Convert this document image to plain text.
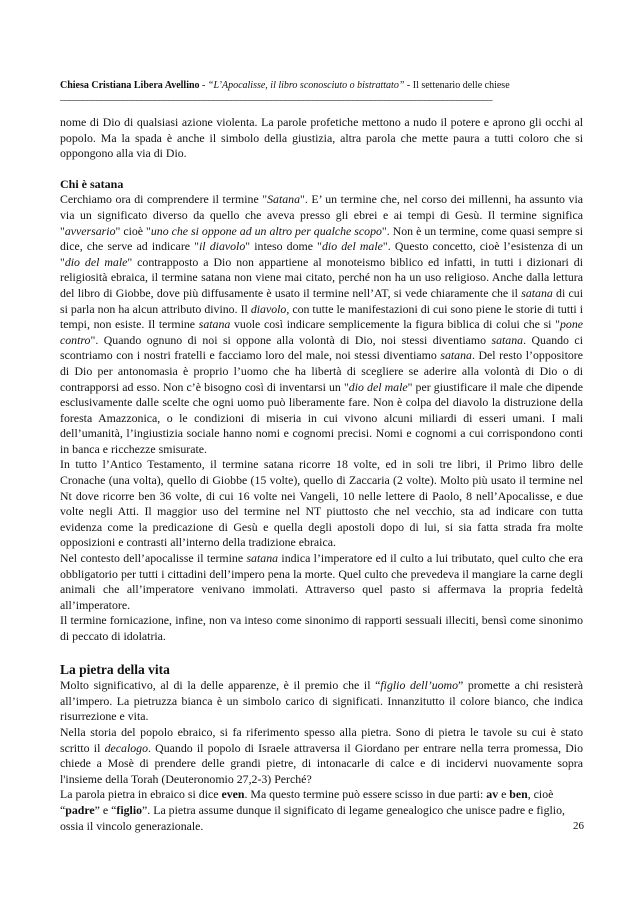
Chiesa Cristiana Libera Avellino - “L’Apocalisse, il libro sconosciuto o bistrattato” - Il settenario delle chiese
________________________________________________________________________________________________

nome di Dio di qualsiasi azione violenta. La parole profetiche mettono a nudo il potere e aprono gli occhi al popolo. Ma la spada è anche il simbolo della giustizia, altra parola che mette paura a tutti coloro che si oppongono alla via di Dio.

Chi è satana

Cerchiamo ora di comprendere il termine "Satana". E’ un termine che, nel corso dei millenni, ha assunto via via un significato diverso da quello che aveva presso gli ebrei e ai tempi di Gesù. Il termine significa "avversario" cioè "uno che si oppone ad un altro per qualche scopo". Non è un termine, come quasi sempre si dice, che serve ad indicare "il diavolo" inteso dome "dio del male". Questo concetto, cioè l’esistenza di un "dio del male" contrapposto a Dio non appartiene al monoteismo biblico ed infatti, in tutti i dizionari di religiosità ebraica, il termine satana non viene mai citato, perché non ha un uso religioso. Anche dalla lettura del libro di Giobbe, dove più diffusamente è usato il termine nell’AT, si vede chiaramente che il satana di cui si parla non ha alcun attributo divino. Il diavolo, con tutte le manifestazioni di cui sono piene le storie di tutti i tempi, non esiste. Il termine satana vuole così indicare semplicemente la figura biblica di colui che si "pone contro". Quando ognuno di noi si oppone alla volontà di Dio, noi stessi diventiamo satana. Quando ci scontriamo con i nostri fratelli e facciamo loro del male, noi stessi diventiamo satana. Del resto l’oppositore di Dio per antonomasia è proprio l’uomo che ha libertà di scegliere se aderire alla volontà di Dio o di contrapporsi ad esso. Non c’è bisogno così di inventarsi un "dio del male" per giustificare il male che dipende esclusivamente dalle scelte che ogni uomo può liberamente fare. Non è colpa del diavolo la distruzione della foresta Amazzonica, o le condizioni di miseria in cui vivono alcuni miliardi di esseri umani. I mali dell’umanità, l’ingiustizia sociale hanno nomi e cognomi precisi. Nomi e cognomi a cui corrispondono conti in banca e ricchezze smisurate.

In tutto l’Antico Testamento, il termine satana ricorre 18 volte, ed in soli tre libri, il Primo libro delle Cronache (una volta), quello di Giobbe (15 volte), quello di Zaccaria (2 volte). Molto più usato il termine nel Nt dove ricorre ben 36 volte, di cui 16 volte nei Vangeli, 10 nelle lettere di Paolo, 8 nell’Apocalisse, e due volte negli Atti. Il maggior uso del termine nel NT piuttosto che nel vecchio, sta ad indicare con tutta evidenza come la predicazione di Gesù e quella degli apostoli dopo di lui, si sia fatta strada fra molte opposizioni e contrasti all’interno della tradizione ebraica.

Nel contesto dell’apocalisse il termine satana indica l’imperatore ed il culto a lui tributato, quel culto che era obbligatorio per tutti i cittadini dell’impero pena la morte. Quel culto che prevedeva il mangiare la carne degli animali che all’imperatore venivano immolati. Attraverso quel pasto si affermava la propria fedeltà all’imperatore.

Il termine fornicazione, infine, non va inteso come sinonimo di rapporti sessuali illeciti, bensì come sinonimo di peccato di idolatria.

La pietra della vita

Molto significativo, al di la delle apparenze, è il premio che il “figlio dell’uomo” promette a chi resisterà all’impero. La pietruzza bianca è un simbolo carico di significati. Innanzitutto il colore bianco, che indica risurrezione e vita.

Nella storia del popolo ebraico, si fa riferimento spesso alla pietra. Sono di pietra le tavole su cui è stato scritto il decalogo. Quando il popolo di Israele attraversa il Giordano per entrare nella terra promessa, Dio chiede a Mosè di prendere delle grandi pietre, di intonacarle di calce e di incidervi nuovamente sopra l'insieme della Torah (Deuteronomio 27,2-3) Perché?

La parola pietra in ebraico si dice even. Ma questo termine può essere scisso in due parti: av e ben, cioè “padre” e “figlio”. La pietra assume dunque il significato di legame genealogico che unisce padre e figlio, ossia il vincolo generazionale.	26
